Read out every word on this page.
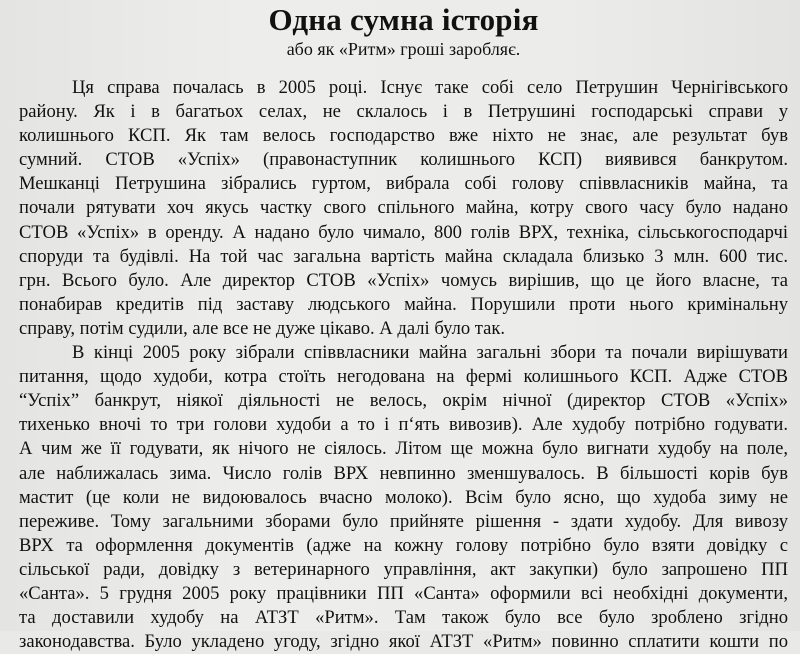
Одна сумна історія
або як «Ритм» гроші заробляє.

Ця справа почалась в 2005 році. Існує таке собі село Петрушин Чернігівського
району. Як і в багатьох селах, не склалось і в Петрушині господарські справи у
колишнього КСП. Як там велось господарство вже ніхто не знає, але результат був
сумний. СТОВ «Успіх» (правонаступник колишнього КСП) виявився банкрутом.
Мешканці Петрушина зібрались гуртом, вибрала собі голову співвласників майна, та
почали рятувати хоч якусь частку свого спільного майна, котру свого часу було надано
СТОВ «Успіх» в оренду. А надано було чимало, 800 голів ВРХ, техніка, сільськогосподарчі
споруди та будівлі. На той час загальна вартість майна складала близько 3 млн. 600 тис.
грн. Всього було. Але директор СТОВ «Успіх» чомусь вирішив, що це його власне, та
понабирав кредитів під заставу людського майна. Порушили проти нього кримінальну
справу, потім судили, але все не дуже цікаво. А далі було так.

В кінці 2005 року зібрали співвласники майна загальні збори та почали вирішувати
питання, щодо худоби, котра стоїть негодована на фермі колишнього КСП. Адже СТОВ
“Успіх” банкрут, ніякої діяльності не велось, окрім нічної (директор СТОВ «Успіх»
тихенько вночі то три голови худоби а то і п‘ять вивозив). Але худобу потрібно годувати.
А чим же її годувати, як нічого не сіялось. Літом ще можна було вигнати худобу на поле,
але наближалась зима. Число голів ВРХ невпинно зменшувалось. В більшості корів був
мастит (це коли не видоювалось вчасно молоко). Всім було ясно, що худоба зиму не
переживе. Тому загальними зборами було прийняте рішення - здати худобу. Для вивозу
ВРХ та оформлення документів (адже на кожну голову потрібно було взяти довідку с
сільської ради, довідку з ветеринарного управління, акт закупки) було запрошено ПП
«Санта». 5 грудня 2005 року працівники ПП «Санта» оформили всі необхідні документи,
та доставили худобу на АТЗТ «Ритм». Там також було все було зроблено згідно
законодавства. Було укладено угоду, згідно якої АТЗТ «Ритм» повинно сплатити кошти по
